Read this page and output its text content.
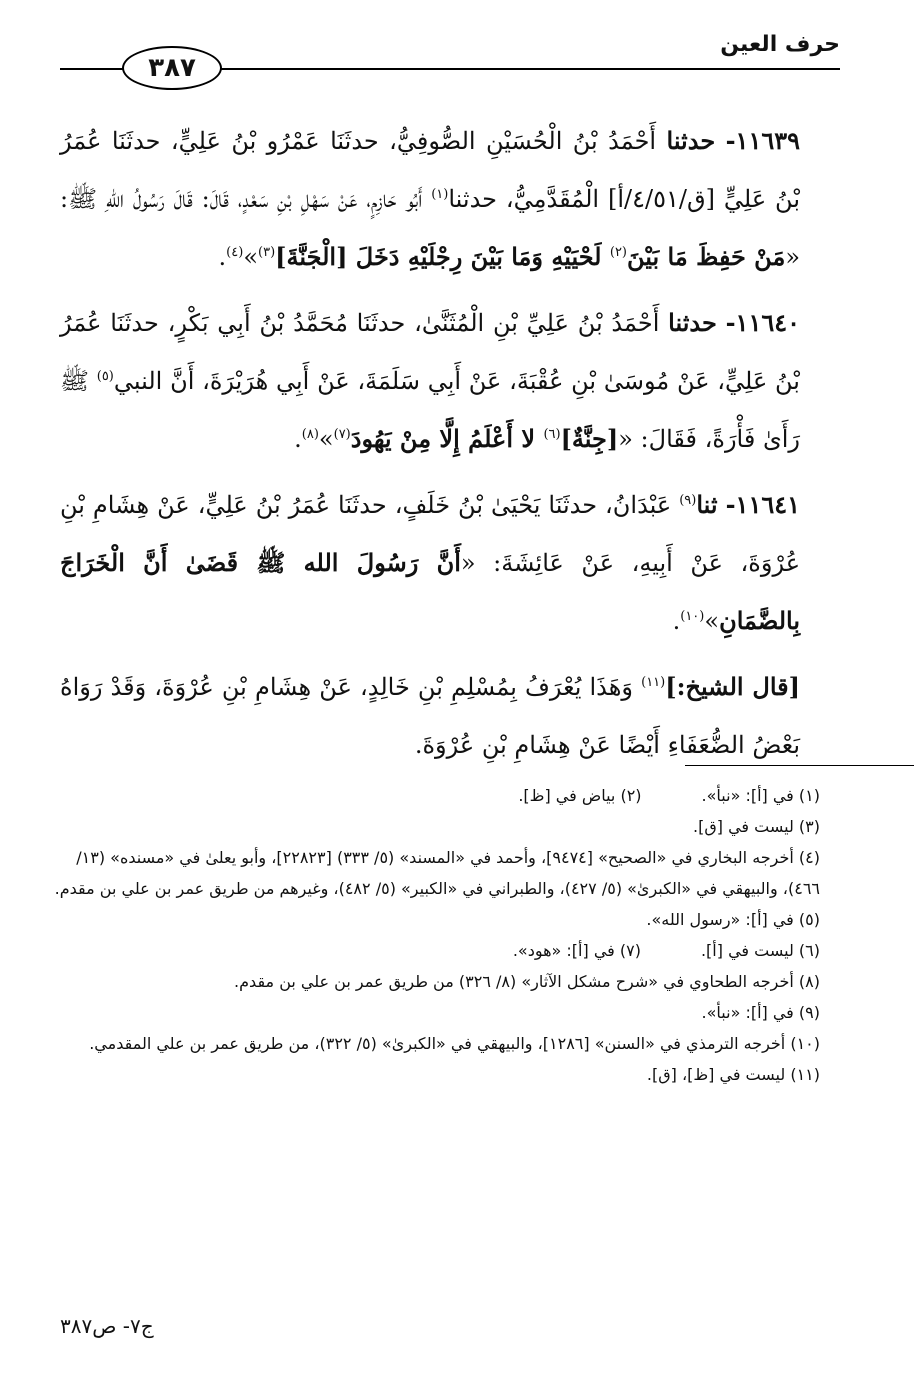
حرف العين
٣٨٧

١١٦٣٩- حدثنا أَحْمَدُ بْنُ الْحُسَيْنِ الصُّوفِيُّ، حدثَنَا عَمْرُو بْنُ عَلِيٍّ، حدثَنَا عُمَرُ بْنُ عَلِيٍّ [ق/٤/٥١/أ] الْمُقَدَّمِيُّ، حدثنا$^{(١)}$ أَبُو حَازِمٍ، عَنْ سَهْلِ بْنِ سَعْدٍ، قَالَ: قَالَ رَسُولُ اللهِ ﷺ: «مَنْ حَفِظَ مَا بَيْنَ$^{(٢)}$ لَحْيَيْهِ وَمَا بَيْنَ رِجْلَيْهِ دَخَلَ [الْجَنَّةَ]$^{(٣)}$»$^{(٤)}$.

١١٦٤٠- حدثنا أَحْمَدُ بْنُ عَلِيِّ بْنِ الْمُثَنَّىٰ، حدثَنَا مُحَمَّدُ بْنُ أَبِي بَكْرٍ، حدثَنَا عُمَرُ بْنُ عَلِيٍّ، عَنْ مُوسَىٰ بْنِ عُقْبَةَ، عَنْ أَبِي سَلَمَةَ، عَنْ أَبِي هُرَيْرَةَ، أَنَّ النبي$^{(٥)}$ ﷺ رَأَىٰ فَأْرَةً، فَقَالَ: «[جِنَّةٌ]$^{(٦)}$ لا أَعْلَمُ إِلَّا مِنْ يَهُودَ$^{(٧)}$»$^{(٨)}$.

١١٦٤١- ثنا$^{(٩)}$ عَبْدَانُ، حدثَنَا يَحْيَىٰ بْنُ خَلَفٍ، حدثَنَا عُمَرُ بْنُ عَلِيٍّ، عَنْ هِشَامِ بْنِ عُرْوَةَ، عَنْ أَبِيهِ، عَنْ عَائِشَةَ: «أَنَّ رَسُولَ الله ﷺ قَضَىٰ أَنَّ الْخَرَاجَ بِالضَّمَانِ»$^{(١٠)}$.

[قال الشيخ:]$^{(١١)}$ وَهَذَا يُعْرَفُ بِمُسْلِمِ بْنِ خَالِدٍ، عَنْ هِشَامِ بْنِ عُرْوَةَ، وَقَدْ رَوَاهُ بَعْضُ الضُّعَفَاءِ أَيْضًا عَنْ هِشَامِ بْنِ عُرْوَةَ.

(١) في [أ]: «نبأ».
(٢) بياض في [ظ].
(٣) ليست في [ق].
(٤) أخرجه البخاري في «الصحيح» [٩٤٧٤]، وأحمد في «المسند» (٥/ ٣٣٣) [٢٢٨٢٣]، وأبو يعلىٰ في «مسنده» (١٣/ ٤٦٦)، والبيهقي في «الكبرىٰ» (٥/ ٤٢٧)، والطبراني في «الكبير» (٥/ ٤٨٢)، وغيرهم من طريق عمر بن علي بن مقدم.
(٥) في [أ]: «رسول الله».
(٦) ليست في [أ].
(٧) في [أ]: «هود».
(٨) أخرجه الطحاوي في «شرح مشكل الآثار» (٨/ ٣٢٦) من طريق عمر بن علي بن مقدم.
(٩) في [أ]: «نبأ».
(١٠) أخرجه الترمذي في «السنن» [١٢٨٦]، والبيهقي في «الكبرىٰ» (٥/ ٣٢٢)، من طريق عمر بن علي المقدمي.
(١١) ليست في [ظ]، [ق].
ج٧- ص٣٨٧
